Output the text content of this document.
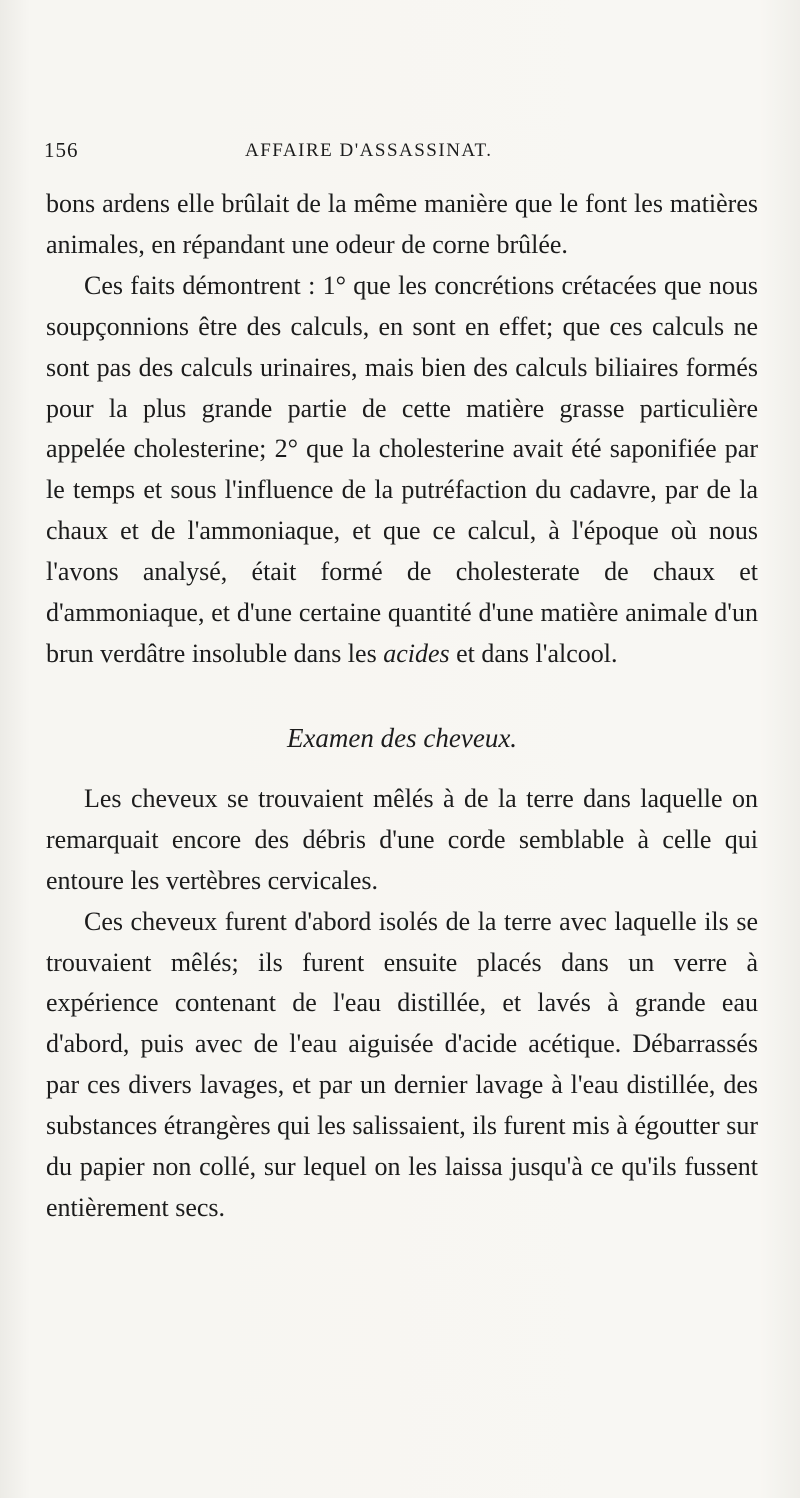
156	AFFAIRE D'ASSASSINAT.

bons ardens elle brûlait de la même manière que le font les matières animales, en répandant une odeur de corne brûlée.

Ces faits démontrent : 1° que les concrétions crétacées que nous soupçonnions être des calculs, en sont en effet; que ces calculs ne sont pas des calculs urinaires, mais bien des calculs biliaires formés pour la plus grande partie de cette matière grasse particulière appelée cholesterine; 2° que la cholesterine avait été saponifiée par le temps et sous l'influence de la putréfaction du cadavre, par de la chaux et de l'ammoniaque, et que ce calcul, à l'époque où nous l'avons analysé, était formé de cholesterate de chaux et d'ammoniaque, et d'une certaine quantité d'une matière animale d'un brun verdâtre insoluble dans les acides et dans l'alcool.

Examen des cheveux.

Les cheveux se trouvaient mêlés à de la terre dans laquelle on remarquait encore des débris d'une corde semblable à celle qui entoure les vertèbres cervicales.

Ces cheveux furent d'abord isolés de la terre avec laquelle ils se trouvaient mêlés; ils furent ensuite placés dans un verre à expérience contenant de l'eau distillée, et lavés à grande eau d'abord, puis avec de l'eau aiguisée d'acide acétique. Débarrassés par ces divers lavages, et par un dernier lavage à l'eau distillée, des substances étrangères qui les salissaient, ils furent mis à égoutter sur du papier non collé, sur lequel on les laissa jusqu'à ce qu'ils fussent entièrement secs.
